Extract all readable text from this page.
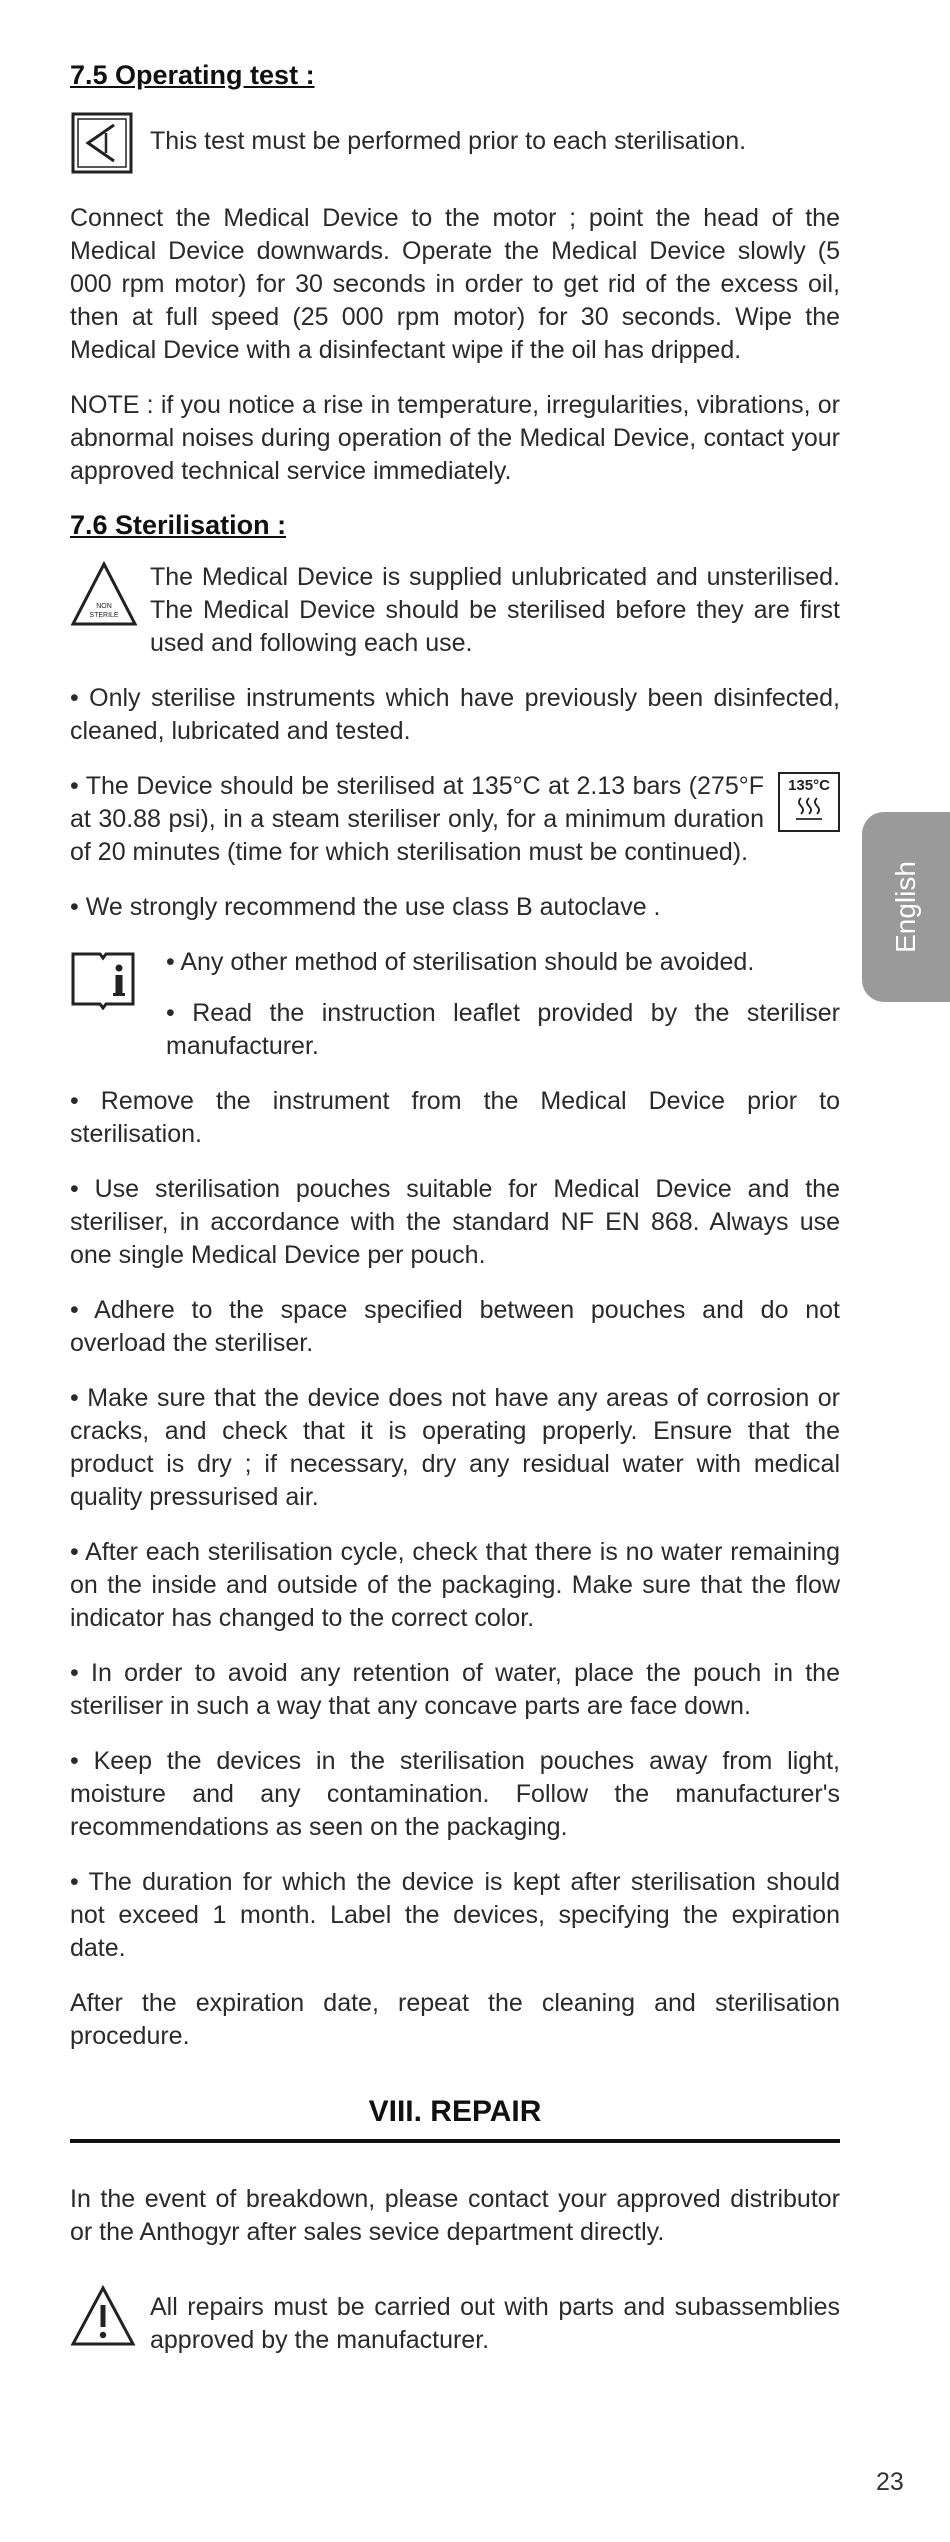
7.5 Operating test :
This test must be performed prior to each sterilisation.
Connect the Medical Device to the motor ; point the head of the Medical Device downwards. Operate the Medical Device slowly (5 000 rpm motor) for 30 seconds in order to get rid of the excess oil, then at full speed (25 000 rpm motor) for 30 seconds. Wipe the Medical Device with a disinfectant wipe if the oil has dripped.
NOTE : if you notice a rise in temperature, irregularities, vibrations, or abnormal noises during operation of the Medical Device, contact your approved technical service immediately.
7.6 Sterilisation :
NON
STERILE
The Medical Device is supplied unlubricated and unsterilised. The Medical Device should be sterilised before they are first used and following each use.
• Only sterilise instruments which have previously been disinfected, cleaned, lubricated and tested.
• The Device should be sterilised at 135°C at 2.13 bars (275°F at 30.88 psi), in a steam steriliser only, for a minimum duration of 20 minutes (time for which sterilisation must be continued).
135°C
• We strongly recommend the use class B autoclave .
• Any other method of sterilisation should be avoided.
• Read the instruction leaflet provided by the steriliser manufacturer.
• Remove the instrument from the Medical Device prior to sterilisation.
• Use sterilisation pouches suitable for Medical Device and the steriliser, in accordance with the standard NF EN 868. Always use one single Medical Device per pouch.
• Adhere to the space specified between pouches and do not overload the steriliser.
• Make sure that the device does not have any areas of corrosion or cracks, and check that it is operating properly. Ensure that the product is dry ; if necessary, dry any residual water with medical quality pressurised air.
• After each sterilisation cycle, check that there is no water remaining on the inside and outside of the packaging. Make sure that the flow indicator has changed to the correct color.
• In order to avoid any retention of water, place the pouch in the steriliser in such a way that any concave parts are face down.
• Keep the devices in the sterilisation pouches away from light, moisture and any contamination. Follow the manufacturer's recommendations as seen on the packaging.
• The duration for which the device is kept after sterilisation should not exceed 1 month. Label the devices, specifying the expiration date.
After the expiration date, repeat the cleaning and sterilisation procedure.
VIII. REPAIR
In the event of breakdown, please contact your approved distributor or the Anthogyr after sales sevice department directly.
All repairs must be carried out with parts and subassemblies approved by the manufacturer.
English
23
